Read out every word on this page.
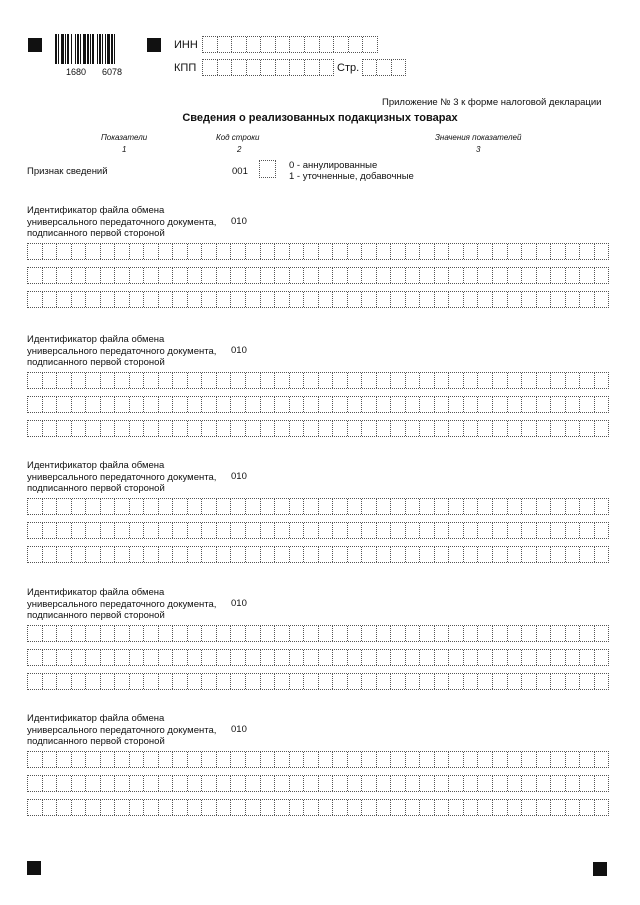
1680 6078
ИНН
КПП	Стр.
Приложение № 3 к форме налоговой декларации
Сведения о реализованных подакцизных товарах
Показатели
1
Код строки
2
Значения показателей
3
Признак сведений	001
0 - аннулированные
1 - уточненные, добавочные
Идентификатор файла обмена
универсального передаточного документа,
подписанного первой стороной
010
Идентификатор файла обмена
универсального передаточного документа,
подписанного первой стороной
010
Идентификатор файла обмена
универсального передаточного документа,
подписанного первой стороной
010
Идентификатор файла обмена
универсального передаточного документа,
подписанного первой стороной
010
Идентификатор файла обмена
универсального передаточного документа,
подписанного первой стороной
010
